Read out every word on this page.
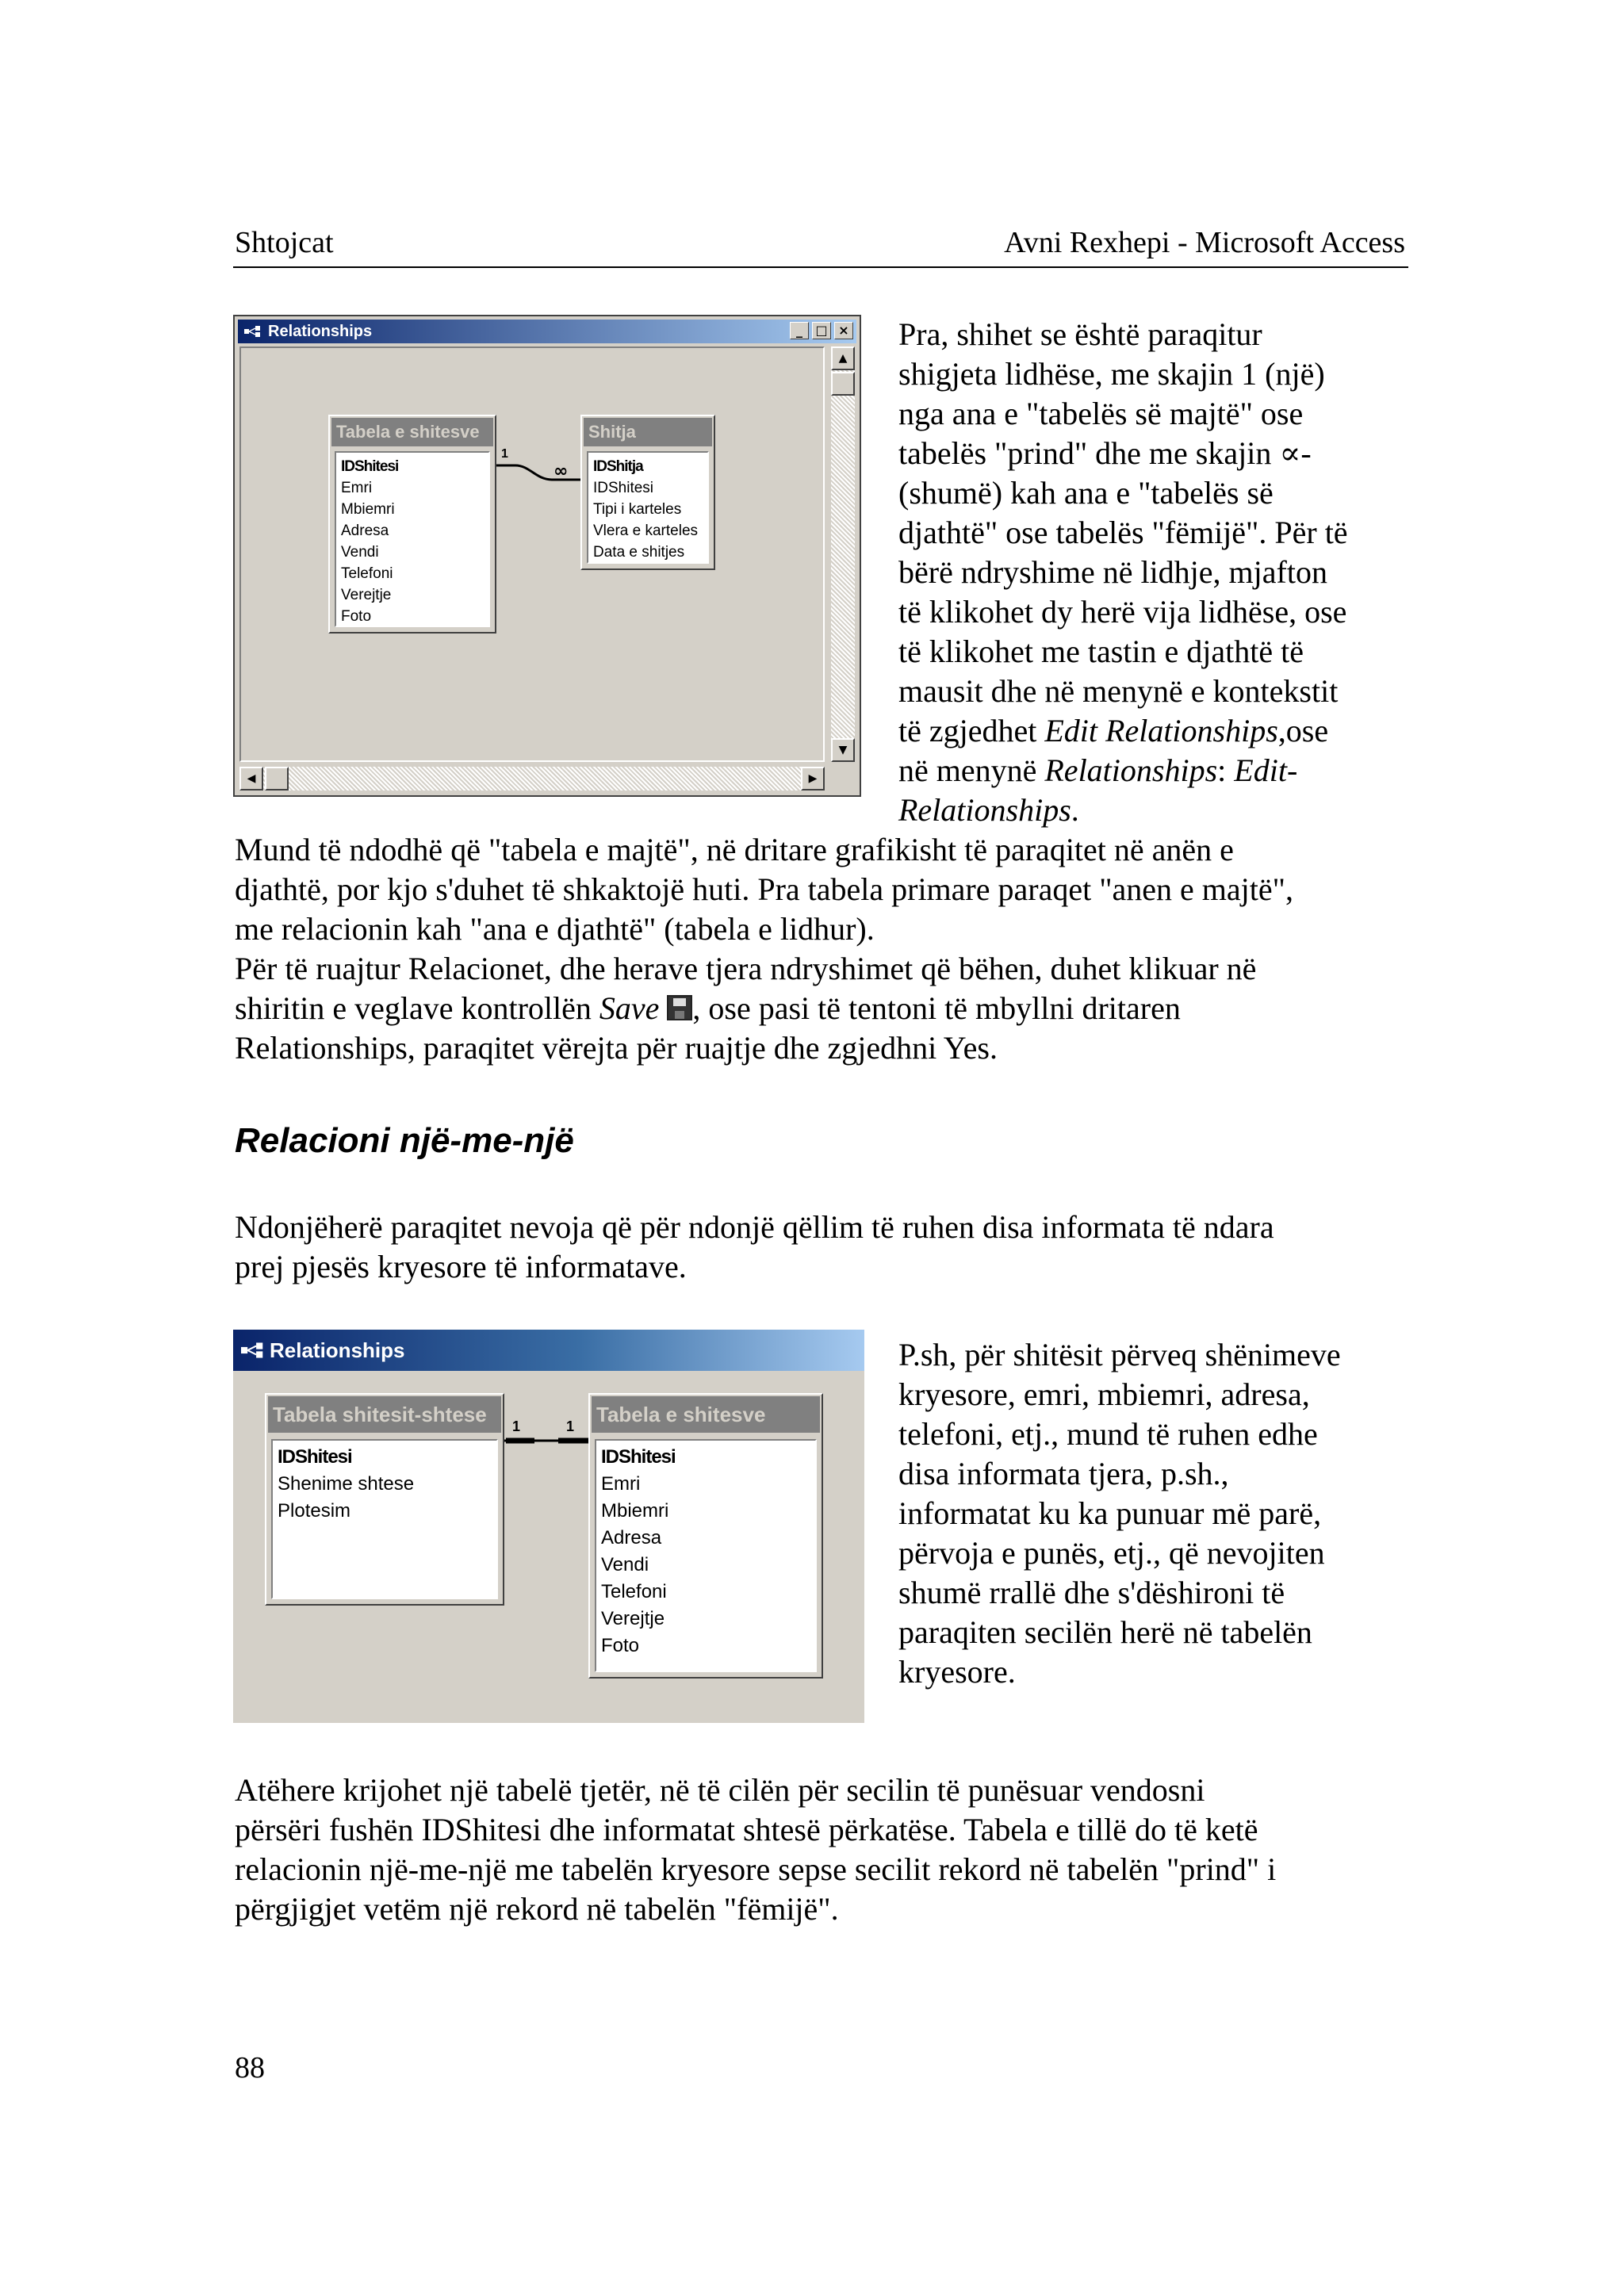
Shtojcat	Avni Rexhepi - Microsoft Access
Relationships	_	□ ×
Tabela e shitesve
IDShitesi
Emri
Mbiemri
Adresa
Vendi
Telefoni
Verejtje
Foto
Shitja
IDShitja
IDShitesi
Tipi i karteles
Vlera e karteles
Data e shitjes
1
∞
▲
▼
◀	▶
Pra, shihet se është paraqitur
shigjeta lidhëse, me skajin 1 (një)
nga ana e "tabelës së majtë" ose
tabelës "prind" dhe me skajin ∝-
(shumë) kah ana e "tabelës së
djathtë" ose tabelës "fëmijë". Për të
bërë ndryshime në lidhje, mjafton
të klikohet dy herë vija lidhëse, ose
të klikohet me tastin e djathtë të
mausit dhe në menynë e kontekstit
të zgjedhet Edit Relationships,ose
në menynë Relationships: Edit-
Relationships.
Mund të ndodhë që "tabela e majtë", në dritare grafikisht të paraqitet në anën e
djathtë, por kjo s'duhet të shkaktojë huti. Pra tabela primare paraqet "anen e majtë",
me relacionin kah "ana e djathtë" (tabela e lidhur).
Për të ruajtur Relacionet, dhe herave tjera ndryshimet që bëhen, duhet klikuar në
shiritin e veglave kontrollën Save , ose pasi të tentoni të mbyllni dritaren
Relationships, paraqitet vërejta për ruajtje dhe zgjedhni Yes.
Relacioni një-me-një
Ndonjëherë paraqitet nevoja që për ndonjë qëllim të ruhen disa informata të ndara
prej pjesës kryesore të informatave.
Relationships
Tabela shitesit-shtese
IDShitesi
Shenime shtese
Plotesim
Tabela e shitesve
IDShitesi
Emri
Mbiemri
Adresa
Vendi
Telefoni
Verejtje
Foto
1	1
P.sh, për shitësit përveq shënimeve
kryesore, emri, mbiemri, adresa,
telefoni, etj., mund të ruhen edhe
disa informata tjera, p.sh.,
informatat ku ka punuar më parë,
përvoja e punës, etj., që nevojiten
shumë rrallë dhe s'dëshironi të
paraqiten secilën herë në tabelën
kryesore.
Atëhere krijohet një tabelë tjetër, në të cilën për secilin të punësuar vendosni
përsëri fushën IDShitesi dhe informatat shtesë përkatëse. Tabela e tillë do të ketë
relacionin një-me-një me tabelën kryesore sepse secilit rekord në tabelën "prind" i
përgjigjet vetëm një rekord në tabelën "fëmijë".
88
